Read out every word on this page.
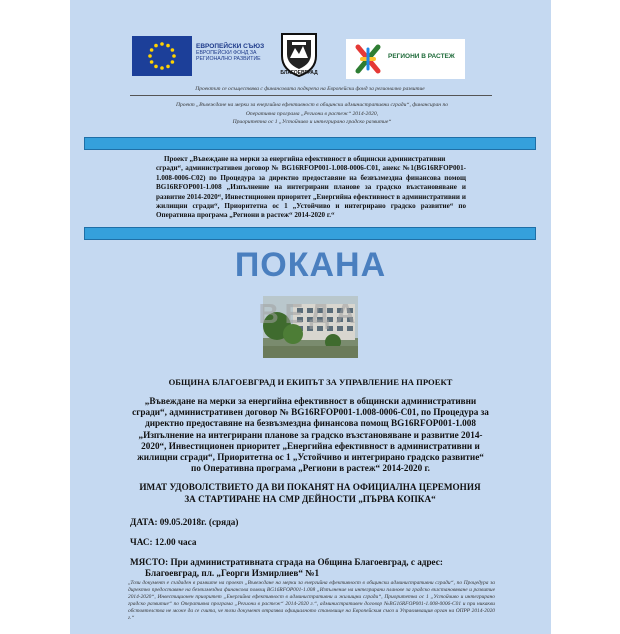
ЕВРОПЕЙСКИ СЪЮЗ
ЕВРОПЕЙСКИ ФОНД ЗА
РЕГИОНАЛНО РАЗВИТИЕ
БЛАГОЕВГРАД
РЕГИОНИ В РАСТЕЖ
Проектът се осъществява с финансовата подкрепа на Европейски фонд за регионално развитие
Проект „Въвеждане на мерки за енергийна ефективност в общински административни сгради“, финансиран по
Оперативна програма „Региони в растеж“ 2014-2020,
Приоритетна ос 1 „Устойчиво и интегрирано градско развитие“
Проект „Въвеждане на мерки за енергийна ефективност в общински административни
сгради“, административен договор № BG16RFOP001-1.008-0006-C01, анекс №1(BG16RFOP001-1.008-0006-C02) по Процедура за директно предоставяне на безвъзмездна финансова помощ BG16RFOP001-1.008 „Изпълнение на интегрирани планове за градско възстановяване и развитие 2014-2020“, Инвестиционен приоритет „Енергийна ефективност в административни и жилищни сгради“, Приоритетна ос 1 „Устойчиво и интегрирано градско развитие“ по Оперативна програма „Региони в растеж“ 2014-2020 г.“
ПОКАНА
ВЕДА
ОБЩИНА БЛАГОЕВГРАД И ЕКИПЪТ ЗА УПРАВЛЕНИЕ НА ПРОЕКТ
„Въвеждане на мерки за енергийна ефективност в общински административни сгради“, административен договор № BG16RFOP001-1.008-0006-C01, по Процедура за директно предоставяне на безвъзмездна финансова помощ BG16RFOP001-1.008 „Изпълнение на интегрирани планове за градско възстановяване и развитие 2014-2020“, Инвестиционен приоритет „Енергийна ефективност в административни и жилищни сгради“, Приоритетна ос 1 „Устойчиво и интегрирано градско развитие“ по Оперативна програма „Региони в растеж“ 2014-2020 г.
ИМАТ УДОВОЛСТВИЕТО ДА ВИ ПОКАНЯТ НА ОФИЦИАЛНА ЦЕРЕМОНИЯ
ЗА СТАРТИРАНЕ НА СМР ДЕЙНОСТИ „ПЪРВА КОПКА“
ДАТА: 09.05.2018г. (сряда)
ЧАС: 12.00 часа
МЯСТО: При административната сграда на Община Благоевград, с адрес:
Благоевград, пл. „Георги Измирлиев“ №1
„Този документ е създаден в рамките на проект „Въвеждане на мерки за енергийна ефективност в общински административни сгради“, по Процедура за директно предоставяне на безвъзмездна финансова помощ BG16RFOP001-1.008 „Изпълнение на интегрирани планове за градско възстановяване и развитие 2014-2020“, Инвестиционен приоритет „Енергийна ефективност в административни и жилищни сгради“, Приоритетна ос 1 „Устойчиво и интегрирано градско развитие“ по Оперативна програма „Региони в растеж“ 2014-2020 г.“, административен договор №BG16RFOP001-1.008-0006-C01 и при никакви обстоятелства не може да се счита, че този документ отразява официалното становище на Европейския съюз и Управляващия орган на ОПРР 2014-2020 г.“
